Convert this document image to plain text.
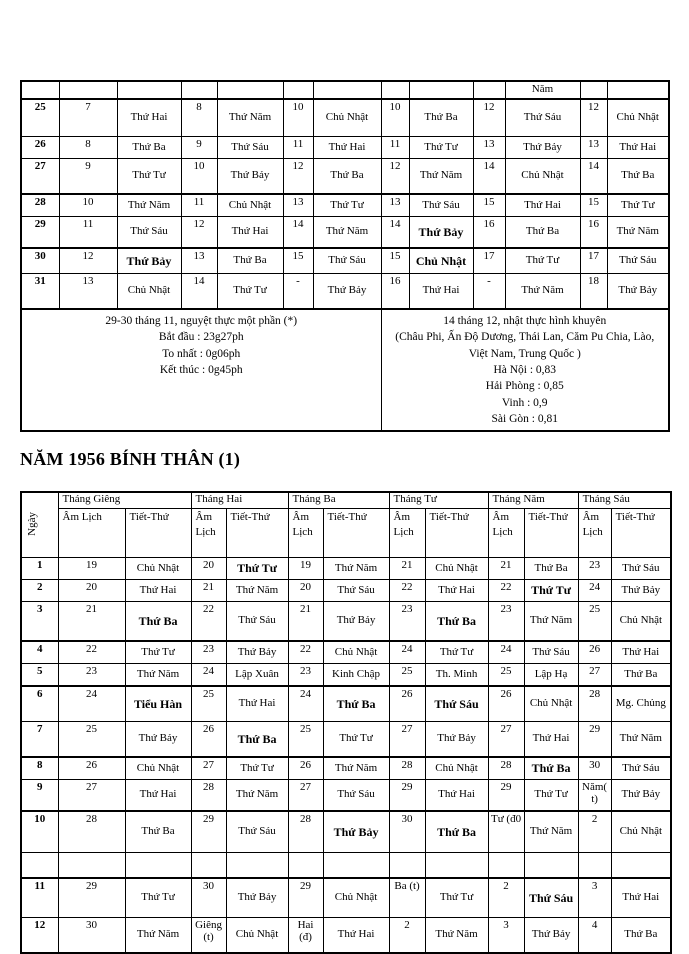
										Năm		
25	7	Thứ Hai	8	Thứ Năm	10	Chủ Nhật	10	Thứ Ba	12	Thứ Sáu	12	Chủ Nhật
26	8	Thứ Ba	9	Thứ Sáu	11	Thứ Hai	11	Thứ Tư	13	Thứ Bảy	13	Thứ Hai
27	9	Thứ Tư	10	Thứ Bảy	12	Thứ Ba	12	Thứ Năm	14	Chủ Nhật	14	Thứ Ba
28	10	Thứ Năm	11	Chủ Nhật	13	Thứ Tư	13	Thứ Sáu	15	Thứ Hai	15	Thứ Tư
29	11	Thứ Sáu	12	Thứ Hai	14	Thứ Năm	14	Thứ Bảy	16	Thứ Ba	16	Thứ Năm
30	12	Thứ Bảy	13	Thứ Ba	15	Thứ Sáu	15	Chủ Nhật	17	Thứ Tư	17	Thứ Sáu
31	13	Chủ Nhật	14	Thứ Tư	-	Thứ Bảy	16	Thứ Hai	-	Thứ Năm	18	Thứ Bảy

29-30 tháng 11, nguyệt thực một phần (*)
Bắt đầu : 23g27ph
To nhất : 0g06ph
Kết thúc : 0g45ph

14 tháng 12, nhật thực hình khuyên
(Châu Phi, Ấn Độ Dương, Thái Lan, Căm Pu Chia, Lào, Việt Nam, Trung Quốc )
Hà Nội : 0,83
Hải Phòng : 0,85
Vinh : 0,9
Sài Gòn : 0,81
NĂM 1956 BÍNH THÂN (1)
Ngày	Tháng Giêng		Tháng Hai		Tháng Ba		Tháng Tư		Tháng Năm		Tháng Sáu	
	Âm Lịch	Tiết-Thứ	Âm Lịch	Tiết-Thứ	Âm Lịch	Tiết-Thứ	Âm Lịch	Tiết-Thứ	Âm Lịch	Tiết-Thứ	Âm Lịch	Tiết-Thứ
1	19	Chủ Nhật	20	Thứ Tư	19	Thứ Năm	21	Chủ Nhật	21	Thứ Ba	23	Thứ Sáu
2	20	Thứ Hai	21	Thứ Năm	20	Thứ Sáu	22	Thứ Hai	22	Thứ Tư	24	Thứ Bảy
3	21	Thứ Ba	22	Thứ Sáu	21	Thứ Bảy	23	Thứ Ba	23	Thứ Năm	25	Chủ Nhật
4	22	Thứ Tư	23	Thứ Bảy	22	Chủ Nhật	24	Thứ Tư	24	Thứ Sáu	26	Thứ Hai
5	23	Thứ Năm	24	Lập Xuân	23	Kinh Chập	25	Th. Minh	25	Lập Hạ	27	Thứ Ba
6	24	Tiểu Hàn	25	Thứ Hai	24	Thứ Ba	26	Thứ Sáu	26	Chủ Nhật	28	Mg. Chủng
7	25	Thứ Bảy	26	Thứ Ba	25	Thứ Tư	27	Thứ Bảy	27	Thứ Hai	29	Thứ Năm
8	26	Chủ Nhật	27	Thứ Tư	26	Thứ Năm	28	Chủ Nhật	28	Thứ Ba	30	Thứ Sáu
9	27	Thứ Hai	28	Thứ Năm	27	Thứ Sáu	29	Thứ Hai	29	Thứ Tư	Năm(t)	Thứ Bảy
10	28	Thứ Ba	29	Thứ Sáu	28	Thứ Bảy	30	Thứ Ba	Tư (đ0	Thứ Năm	2	Chủ Nhật

11	29	Thứ Tư	30	Thứ Bảy	29	Chủ Nhật	Ba (t)	Thứ Tư	2	Thứ Sáu	3	Thứ Hai
12	30	Thứ Năm	Giêng (t)	Chủ Nhật	Hai (đ)	Thứ Hai	2	Thứ Năm	3	Thứ Bảy	4	Thứ Ba
